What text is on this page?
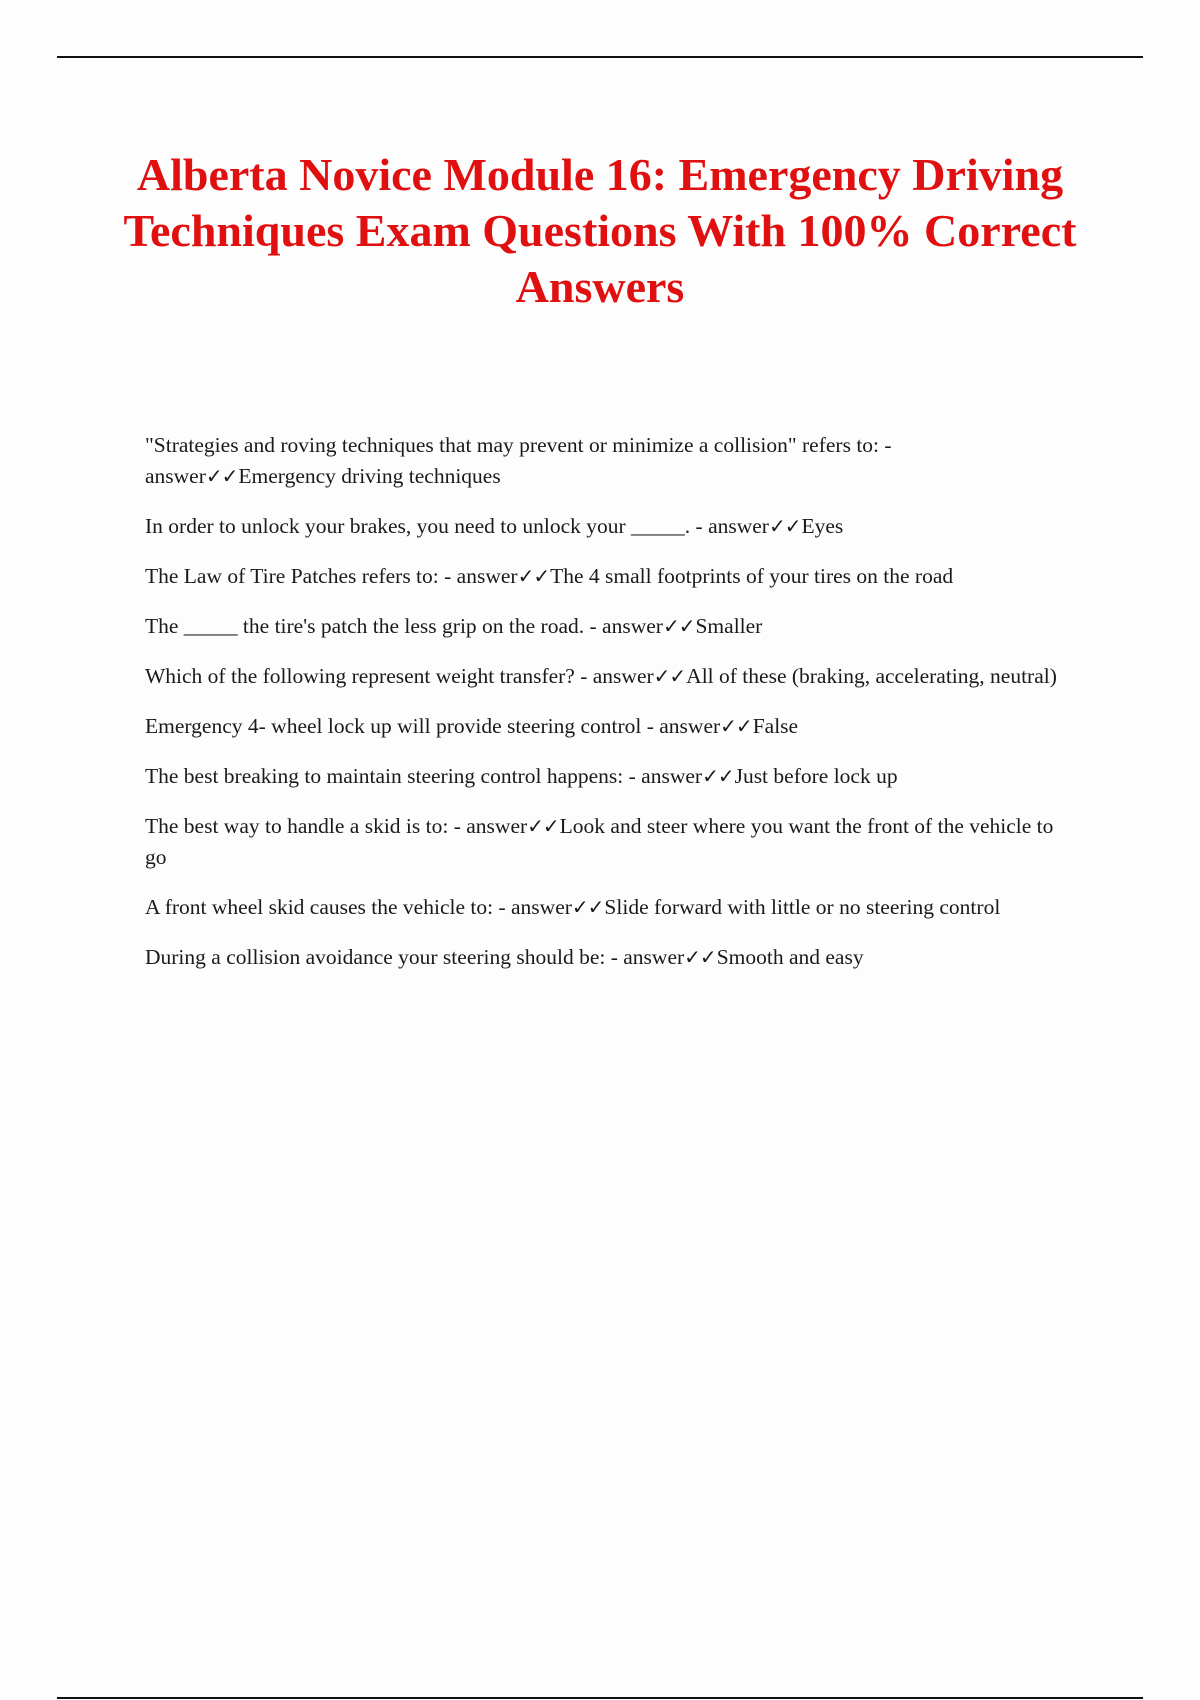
Alberta Novice Module 16: Emergency Driving Techniques Exam Questions With 100% Correct Answers
"Strategies and roving techniques that may prevent or minimize a collision" refers to: - answer✓✓Emergency driving techniques
In order to unlock your brakes, you need to unlock your _____. - answer✓✓Eyes
The Law of Tire Patches refers to: - answer✓✓The 4 small footprints of your tires on the road
The _____ the tire's patch the less grip on the road. - answer✓✓Smaller
Which of the following represent weight transfer? - answer✓✓All of these (braking, accelerating, neutral)
Emergency 4- wheel lock up will provide steering control - answer✓✓False
The best breaking to maintain steering control happens: - answer✓✓Just before lock up
The best way to handle a skid is to: - answer✓✓Look and steer where you want the front of the vehicle to go
A front wheel skid causes the vehicle to: - answer✓✓Slide forward with little or no steering control
During a collision avoidance your steering should be: - answer✓✓Smooth and easy
